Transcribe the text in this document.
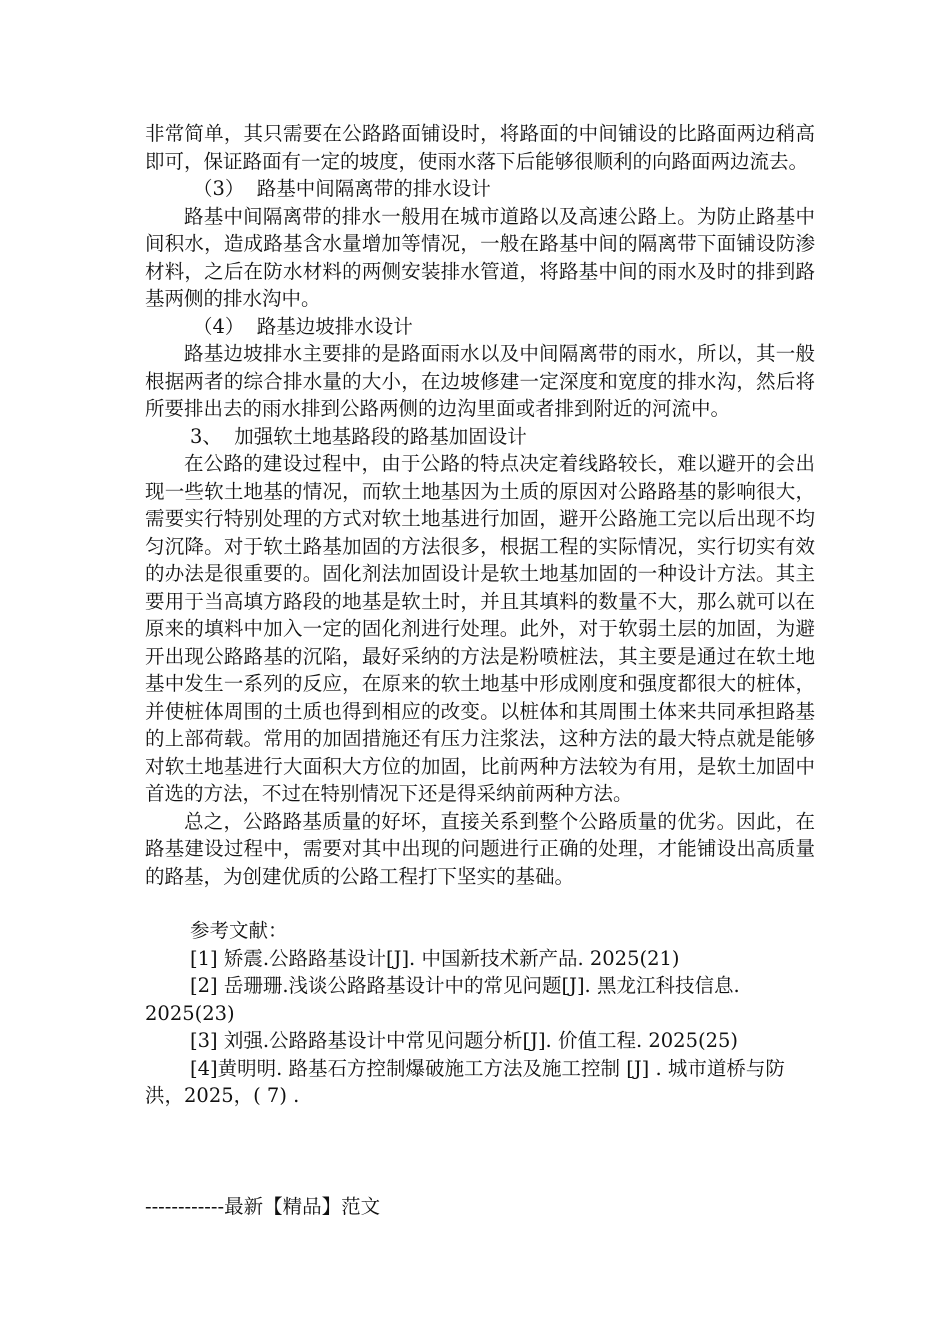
非常简单，其只需要在公路路面铺设时，将路面的中间铺设的比路面两边稍高即可，保证路面有一定的坡度，使雨水落下后能够很顺利的向路面两边流去。

（3）  路基中间隔离带的排水设计

路基中间隔离带的排水一般用在城市道路以及高速公路上。为防止路基中间积水，造成路基含水量增加等情况，一般在路基中间的隔离带下面铺设防渗材料，之后在防水材料的两侧安装排水管道，将路基中间的雨水及时的排到路基两侧的排水沟中。

（4）  路基边坡排水设计

路基边坡排水主要排的是路面雨水以及中间隔离带的雨水，所以，其一般根据两者的综合排水量的大小，在边坡修建一定深度和宽度的排水沟，然后将所要排出去的雨水排到公路两侧的边沟里面或者排到附近的河流中。

3、  加强软土地基路段的路基加固设计

在公路的建设过程中，由于公路的特点决定着线路较长，难以避开的会出现一些软土地基的情况，而软土地基因为土质的原因对公路路基的影响很大，需要实行特别处理的方式对软土地基进行加固，避开公路施工完以后出现不均匀沉降。对于软土路基加固的方法很多，根据工程的实际情况，实行切实有效的办法是很重要的。固化剂法加固设计是软土地基加固的一种设计方法。其主要用于当高填方路段的地基是软土时，并且其填料的数量不大，那么就可以在原来的填料中加入一定的固化剂进行处理。此外，对于软弱土层的加固，为避开出现公路路基的沉陷，最好采纳的方法是粉喷桩法，其主要是通过在软土地基中发生一系列的反应，在原来的软土地基中形成刚度和强度都很大的桩体，并使桩体周围的土质也得到相应的改变。以桩体和其周围土体来共同承担路基的上部荷载。常用的加固措施还有压力注浆法，这种方法的最大特点就是能够对软土地基进行大面积大方位的加固，比前两种方法较为有用，是软土加固中首选的方法，不过在特别情况下还是得采纳前两种方法。

总之，公路路基质量的好坏，直接关系到整个公路质量的优劣。因此，在路基建设过程中，需要对其中出现的问题进行正确的处理，才能铺设出高质量的路基，为创建优质的公路工程打下坚实的基础。

参考文献：

[1] 矫震.公路路基设计[J]. 中国新技术新产品. 2025(21)

[2] 岳珊珊.浅谈公路路基设计中的常见问题[J]. 黑龙江科技信息. 2025(23)

[3] 刘强.公路路基设计中常见问题分析[J]. 价值工程. 2025(25)

[4]黄明明. 路基石方控制爆破施工方法及施工控制 [J] . 城市道桥与防洪，2025，( 7) .

------------最新【精品】范文
